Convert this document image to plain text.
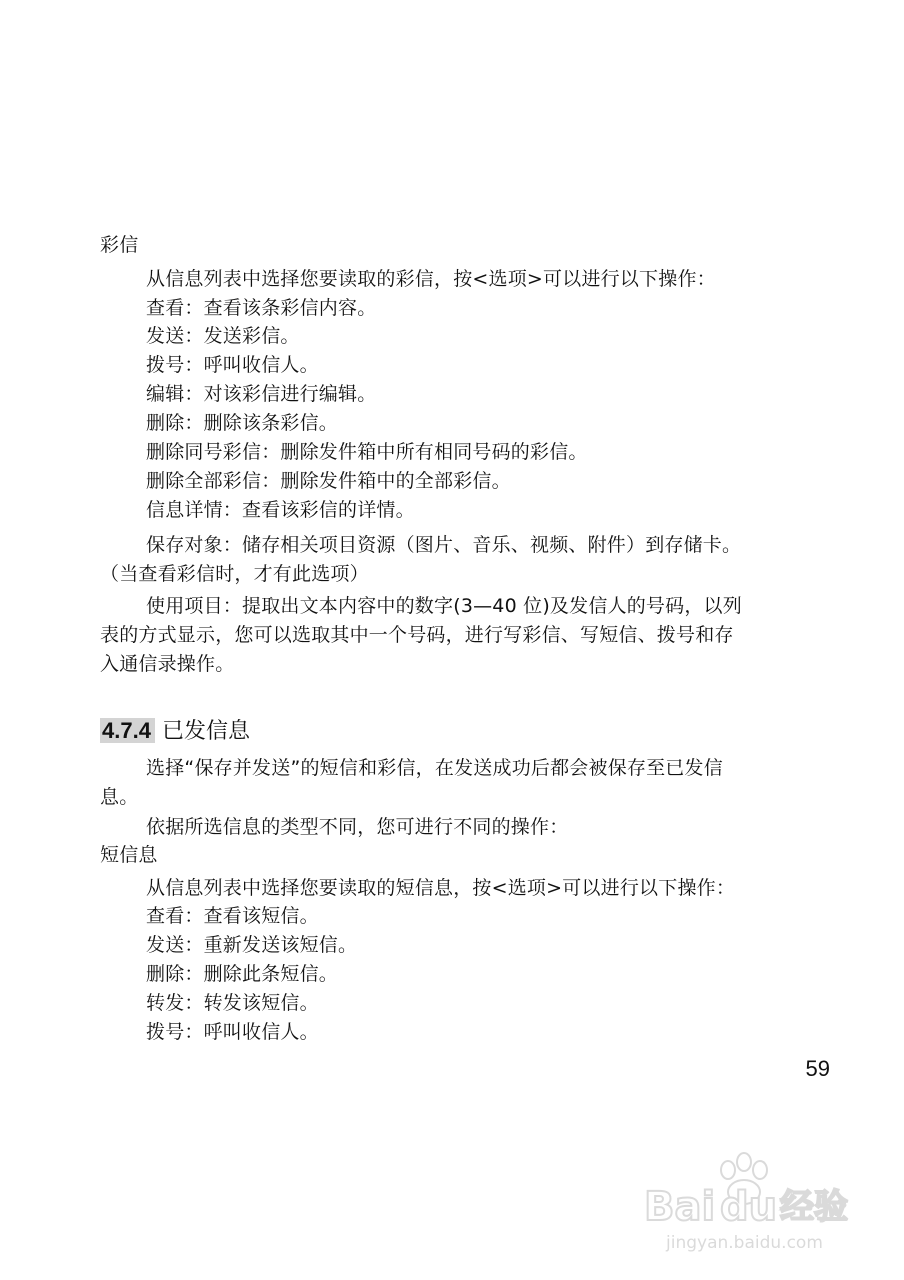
彩信
从信息列表中选择您要读取的彩信，按<选项>可以进行以下操作：
查看：查看该条彩信内容。
发送：发送彩信。
拨号：呼叫收信人。
编辑：对该彩信进行编辑。
删除：删除该条彩信。
删除同号彩信：删除发件箱中所有相同号码的彩信。
删除全部彩信：删除发件箱中的全部彩信。
信息详情：查看该彩信的详情。
保存对象：储存相关项目资源（图片、音乐、视频、附件）到存储卡。
（当查看彩信时，才有此选项）
使用项目：提取出文本内容中的数字(3—40 位)及发信人的号码，以列
表的方式显示，您可以选取其中一个号码，进行写彩信、写短信、拨号和存
入通信录操作。
4.7.4 已发信息
选择“保存并发送”的短信和彩信，在发送成功后都会被保存至已发信
息。
依据所选信息的类型不同，您可进行不同的操作：
短信息
从信息列表中选择您要读取的短信息，按<选项>可以进行以下操作：
查看：查看该短信。
发送：重新发送该短信。
删除：删除此条短信。
转发：转发该短信。
拨号：呼叫收信人。
59
Bai du 经验
jingyan.baidu.com
